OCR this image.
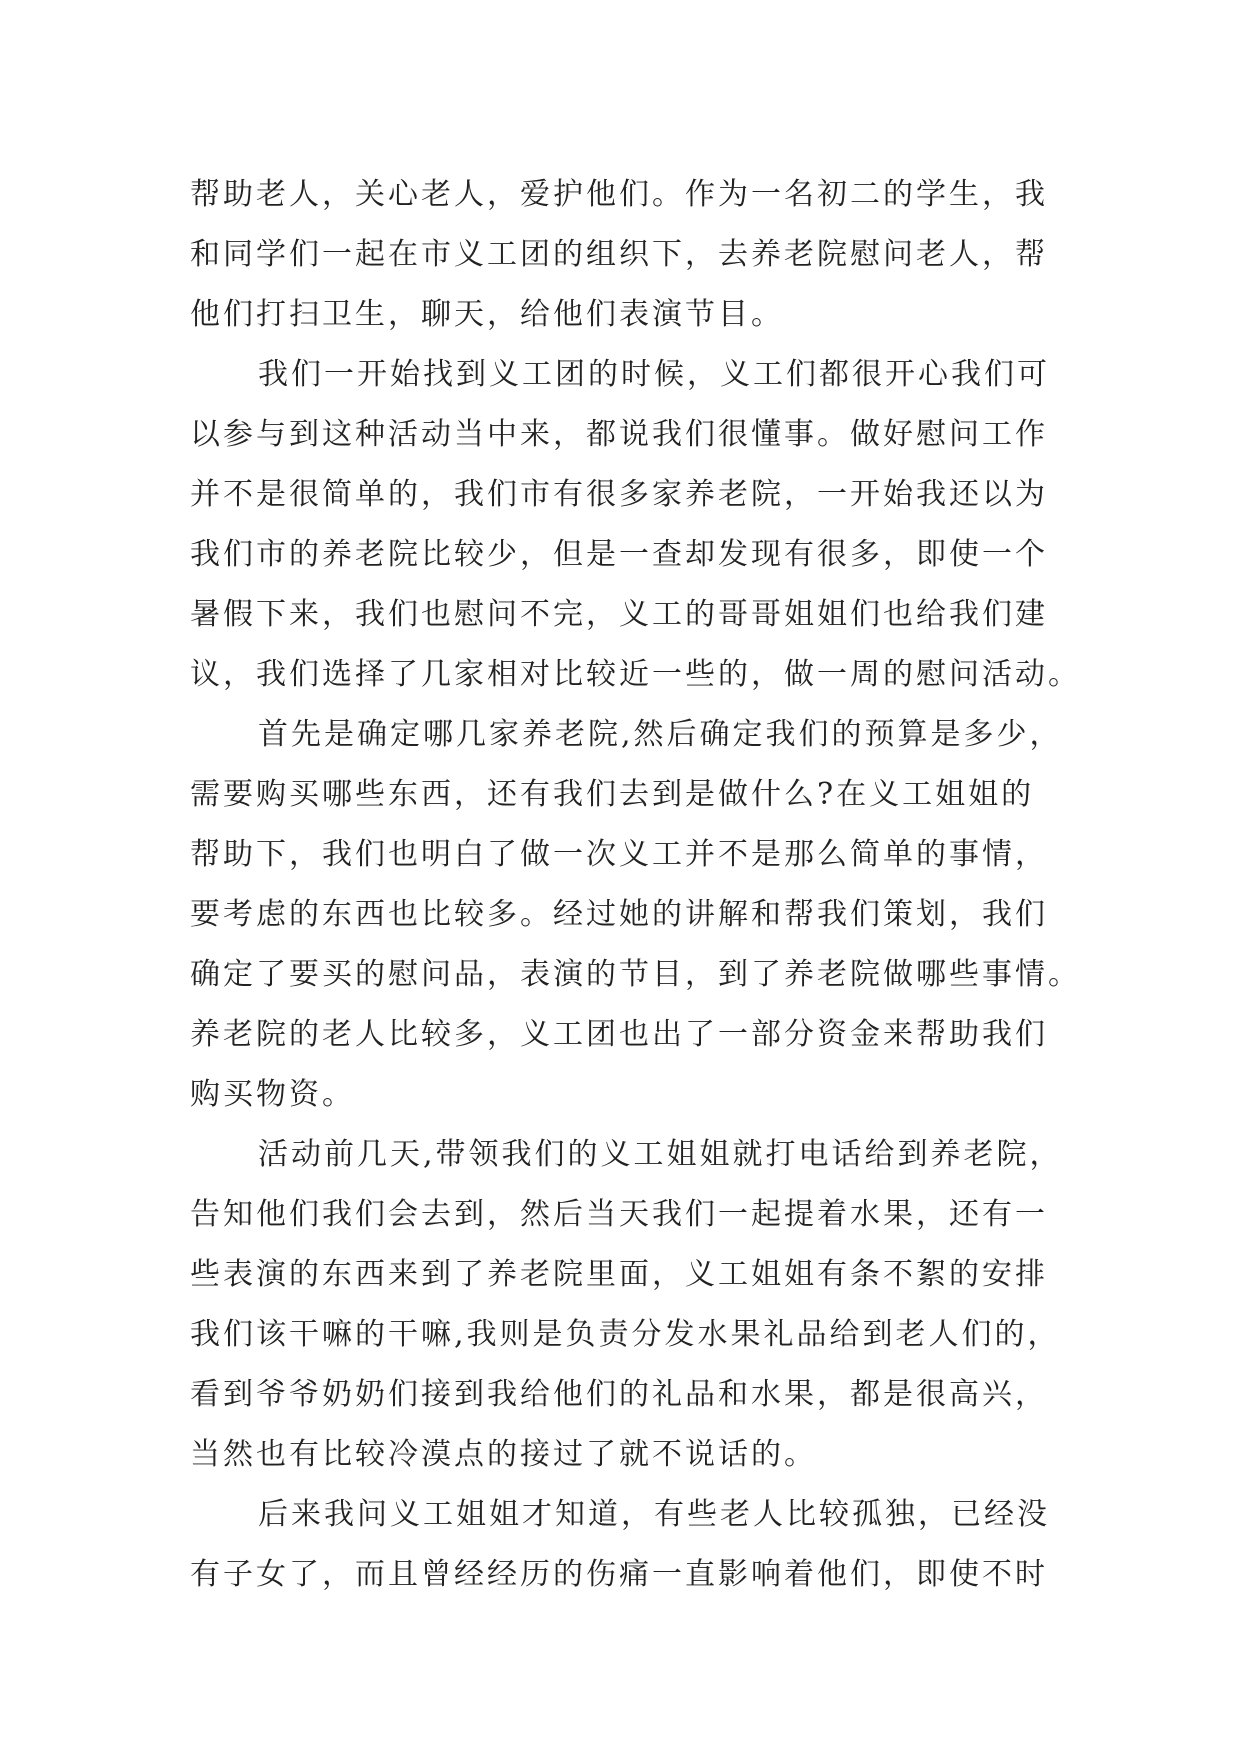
帮助老人，关心老人，爱护他们。作为一名初二的学生，我
和同学们一起在市义工团的组织下，去养老院慰问老人，帮
他们打扫卫生，聊天，给他们表演节目。
我们一开始找到义工团的时候，义工们都很开心我们可
以参与到这种活动当中来，都说我们很懂事。做好慰问工作
并不是很简单的，我们市有很多家养老院，一开始我还以为
我们市的养老院比较少，但是一查却发现有很多，即使一个
暑假下来，我们也慰问不完，义工的哥哥姐姐们也给我们建
议，我们选择了几家相对比较近一些的，做一周的慰问活动。
首先是确定哪几家养老院,然后确定我们的预算是多少，
需要购买哪些东西，还有我们去到是做什么?在义工姐姐的
帮助下，我们也明白了做一次义工并不是那么简单的事情，
要考虑的东西也比较多。经过她的讲解和帮我们策划，我们
确定了要买的慰问品，表演的节目，到了养老院做哪些事情。
养老院的老人比较多，义工团也出了一部分资金来帮助我们
购买物资。
活动前几天,带领我们的义工姐姐就打电话给到养老院，
告知他们我们会去到，然后当天我们一起提着水果，还有一
些表演的东西来到了养老院里面，义工姐姐有条不絮的安排
我们该干嘛的干嘛,我则是负责分发水果礼品给到老人们的，
看到爷爷奶奶们接到我给他们的礼品和水果，都是很高兴，
当然也有比较冷漠点的接过了就不说话的。
后来我问义工姐姐才知道，有些老人比较孤独，已经没
有子女了，而且曾经经历的伤痛一直影响着他们，即使不时
